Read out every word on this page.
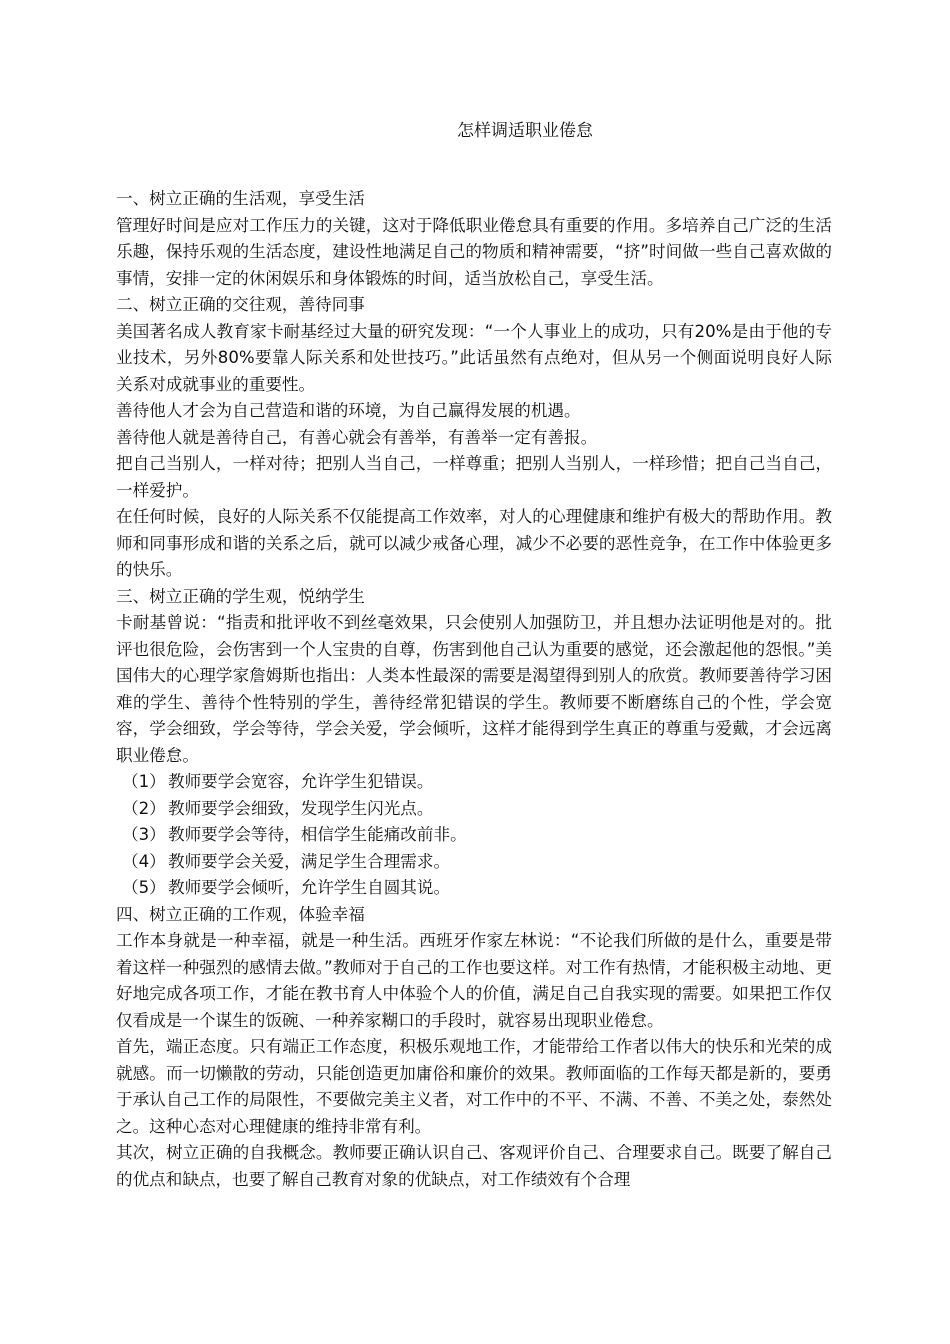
怎样调适职业倦怠

一、树立正确的生活观，享受生活

管理好时间是应对工作压力的关键，这对于降低职业倦怠具有重要的作用。多培养自己广泛的生活乐趣，保持乐观的生活态度，建设性地满足自己的物质和精神需要，“挤”时间做一些自己喜欢做的事情，安排一定的休闲娱乐和身体锻炼的时间，适当放松自己，享受生活。

二、树立正确的交往观，善待同事

美国著名成人教育家卡耐基经过大量的研究发现：“一个人事业上的成功，只有20%是由于他的专业技术，另外80%要靠人际关系和处世技巧。”此话虽然有点绝对，但从另一个侧面说明良好人际关系对成就事业的重要性。

善待他人才会为自己营造和谐的环境，为自己赢得发展的机遇。

善待他人就是善待自己，有善心就会有善举，有善举一定有善报。

把自己当别人，一样对待；把别人当自己，一样尊重；把别人当别人，一样珍惜；把自己当自己，一样爱护。

在任何时候，良好的人际关系不仅能提高工作效率，对人的心理健康和维护有极大的帮助作用。教师和同事形成和谐的关系之后，就可以减少戒备心理，减少不必要的恶性竞争，在工作中体验更多的快乐。

三、树立正确的学生观，悦纳学生

卡耐基曾说：“指责和批评收不到丝毫效果，只会使别人加强防卫，并且想办法证明他是对的。批评也很危险，会伤害到一个人宝贵的自尊，伤害到他自己认为重要的感觉，还会激起他的怨恨。”美国伟大的心理学家詹姆斯也指出：人类本性最深的需要是渴望得到别人的欣赏。教师要善待学习困难的学生、善待个性特别的学生，善待经常犯错误的学生。教师要不断磨练自己的个性，学会宽容，学会细致，学会等待，学会关爱，学会倾听，这样才能得到学生真正的尊重与爱戴，才会远离职业倦怠。

（1） 教师要学会宽容，允许学生犯错误。

（2） 教师要学会细致，发现学生闪光点。

（3） 教师要学会等待，相信学生能痛改前非。

（4） 教师要学会关爱，满足学生合理需求。

（5） 教师要学会倾听，允许学生自圆其说。

四、树立正确的工作观，体验幸福

工作本身就是一种幸福，就是一种生活。西班牙作家左林说：“不论我们所做的是什么，重要是带着这样一种强烈的感情去做。”教师对于自己的工作也要这样。对工作有热情，才能积极主动地、更好地完成各项工作，才能在教书育人中体验个人的价值，满足自己自我实现的需要。如果把工作仅仅看成是一个谋生的饭碗、一种养家糊口的手段时，就容易出现职业倦怠。

首先，端正态度。只有端正工作态度，积极乐观地工作，才能带给工作者以伟大的快乐和光荣的成就感。而一切懒散的劳动，只能创造更加庸俗和廉价的效果。教师面临的工作每天都是新的，要勇于承认自己工作的局限性，不要做完美主义者，对工作中的不平、不满、不善、不美之处，泰然处之。这种心态对心理健康的维持非常有利。

其次，树立正确的自我概念。教师要正确认识自己、客观评价自己、合理要求自己。既要了解自己的优点和缺点，也要了解自己教育对象的优缺点，对工作绩效有个合理
